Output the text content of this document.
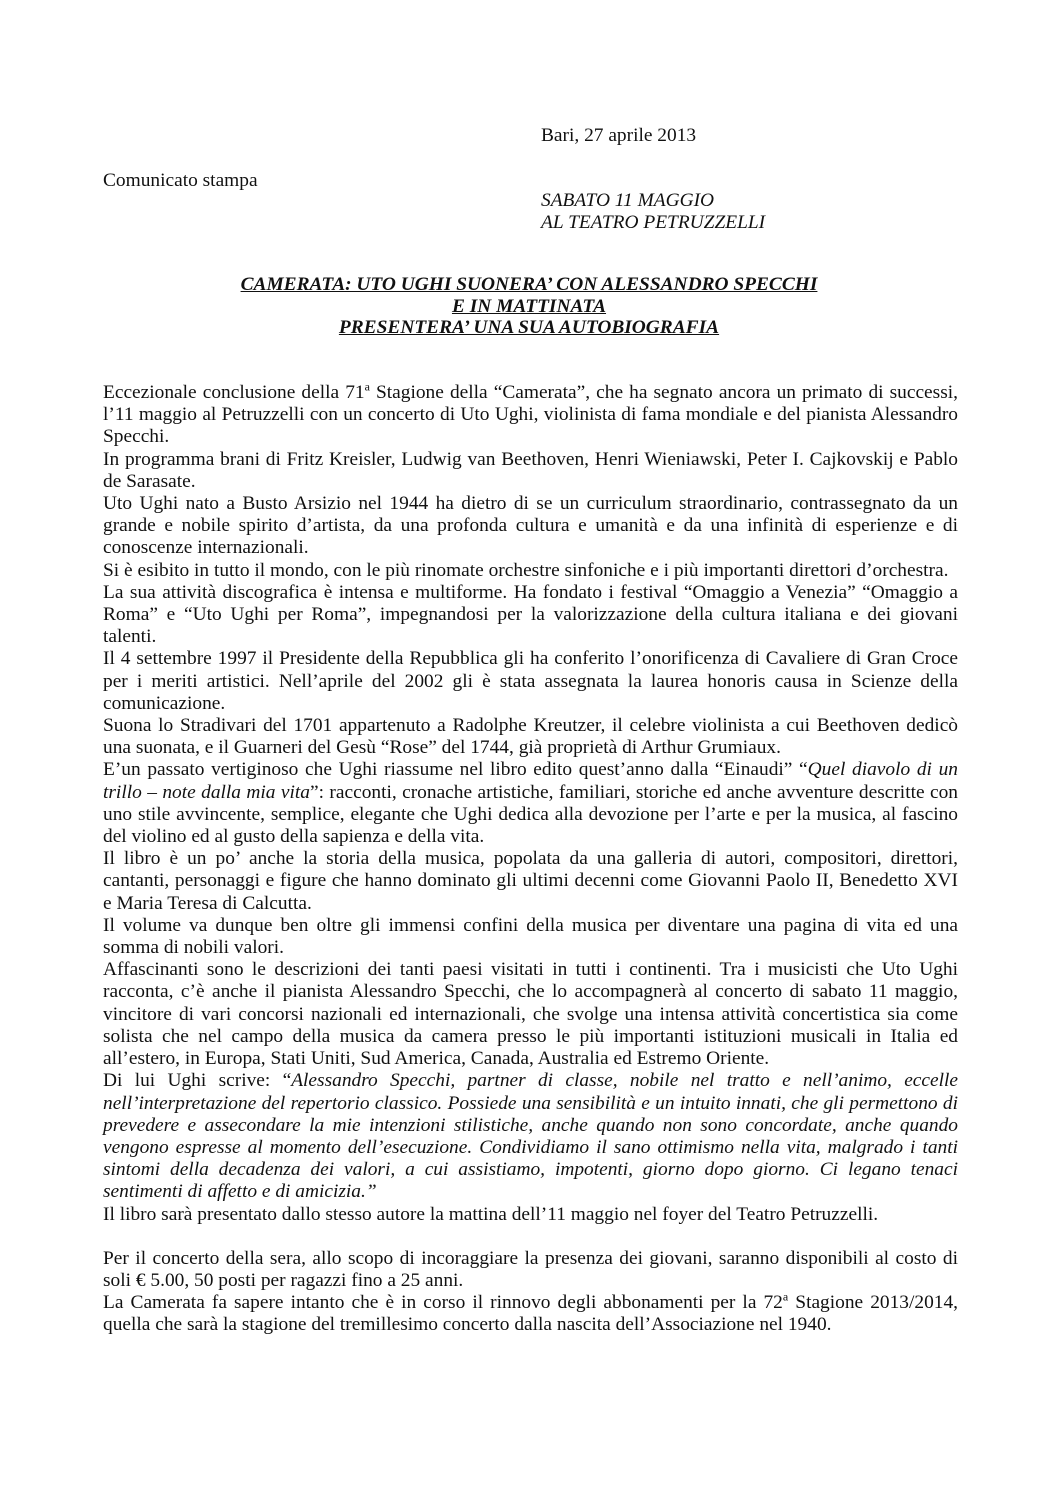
Bari, 27 aprile 2013
Comunicato stampa
SABATO 11 MAGGIO
AL TEATRO PETRUZZELLI
CAMERATA: UTO UGHI SUONERA’ CON ALESSANDRO SPECCHI
E IN MATTINATA
PRESENTERA’ UNA SUA AUTOBIOGRAFIA

Eccezionale conclusione della 71$^a$ Stagione della “Camerata”, che ha segnato ancora un primato di successi, l’11 maggio al Petruzzelli con un concerto di Uto Ughi, violinista di fama mondiale e del pianista Alessandro Specchi.

In programma brani di Fritz Kreisler, Ludwig van Beethoven, Henri Wieniawski, Peter I. Cajkovskij e Pablo de Sarasate.

Uto Ughi nato a Busto Arsizio nel 1944 ha dietro di se un curriculum straordinario, contrassegnato da un grande e nobile spirito d’artista, da una profonda cultura e umanità e da una infinità di esperienze e di conoscenze internazionali.

Si è esibito in tutto il mondo, con le più rinomate orchestre sinfoniche e i più importanti direttori d’orchestra.

La sua attività discografica è intensa e multiforme. Ha fondato i festival “Omaggio a Venezia” “Omaggio a Roma” e “Uto Ughi per Roma”, impegnandosi per la valorizzazione della cultura italiana e dei giovani talenti.

Il 4 settembre 1997 il Presidente della Repubblica gli ha conferito l’onorificenza di Cavaliere di Gran Croce per i meriti artistici. Nell’aprile del 2002 gli è stata assegnata la laurea honoris causa in Scienze della comunicazione.

Suona lo Stradivari del 1701 appartenuto a Radolphe Kreutzer, il celebre violinista a cui Beethoven dedicò una suonata, e il Guarneri del Gesù “Rose” del 1744, già proprietà di Arthur Grumiaux.

E’un passato vertiginoso che Ughi riassume nel libro edito quest’anno dalla “Einaudi” “Quel diavolo di un trillo – note dalla mia vita”: racconti, cronache artistiche, familiari, storiche ed anche avventure descritte con uno stile avvincente, semplice, elegante che Ughi dedica alla devozione per l’arte e per la musica, al fascino del violino ed al gusto della sapienza e della vita.

Il libro è un po’ anche la storia della musica, popolata da una galleria di autori, compositori, direttori, cantanti, personaggi e figure che hanno dominato gli ultimi decenni come Giovanni Paolo II, Benedetto XVI e Maria Teresa di Calcutta.

Il volume va dunque ben oltre gli immensi confini della musica per diventare una pagina di vita ed una somma di nobili valori.

Affascinanti sono le descrizioni dei tanti paesi visitati in tutti i continenti. Tra i musicisti che Uto Ughi racconta, c’è anche il pianista Alessandro Specchi, che lo accompagnerà al concerto di sabato 11 maggio, vincitore di vari concorsi nazionali ed internazionali, che svolge una intensa attività concertistica sia come solista che nel campo della musica da camera presso le più importanti istituzioni musicali in Italia ed all’estero, in Europa, Stati Uniti, Sud America, Canada, Australia ed Estremo Oriente.

Di lui Ughi scrive: “Alessandro Specchi, partner di classe, nobile nel tratto e nell’animo, eccelle nell’interpretazione del repertorio classico. Possiede una sensibilità e un intuito innati, che gli permettono di prevedere e assecondare la mie intenzioni stilistiche, anche quando non sono concordate, anche quando vengono espresse al momento dell’esecuzione. Condividiamo il sano ottimismo nella vita, malgrado i tanti sintomi della decadenza dei valori, a cui assistiamo, impotenti, giorno dopo giorno. Ci legano tenaci sentimenti di affetto e di amicizia.”

Il libro sarà presentato dallo stesso autore la mattina dell’11 maggio nel foyer del Teatro Petruzzelli.

Per il concerto della sera, allo scopo di incoraggiare la presenza dei giovani, saranno disponibili al costo di soli € 5.00, 50 posti per ragazzi fino a 25 anni.

La Camerata fa sapere intanto che è in corso il rinnovo degli abbonamenti per la 72$^a$ Stagione 2013/2014, quella che sarà la stagione del tremillesimo concerto dalla nascita dell’Associazione nel 1940.
